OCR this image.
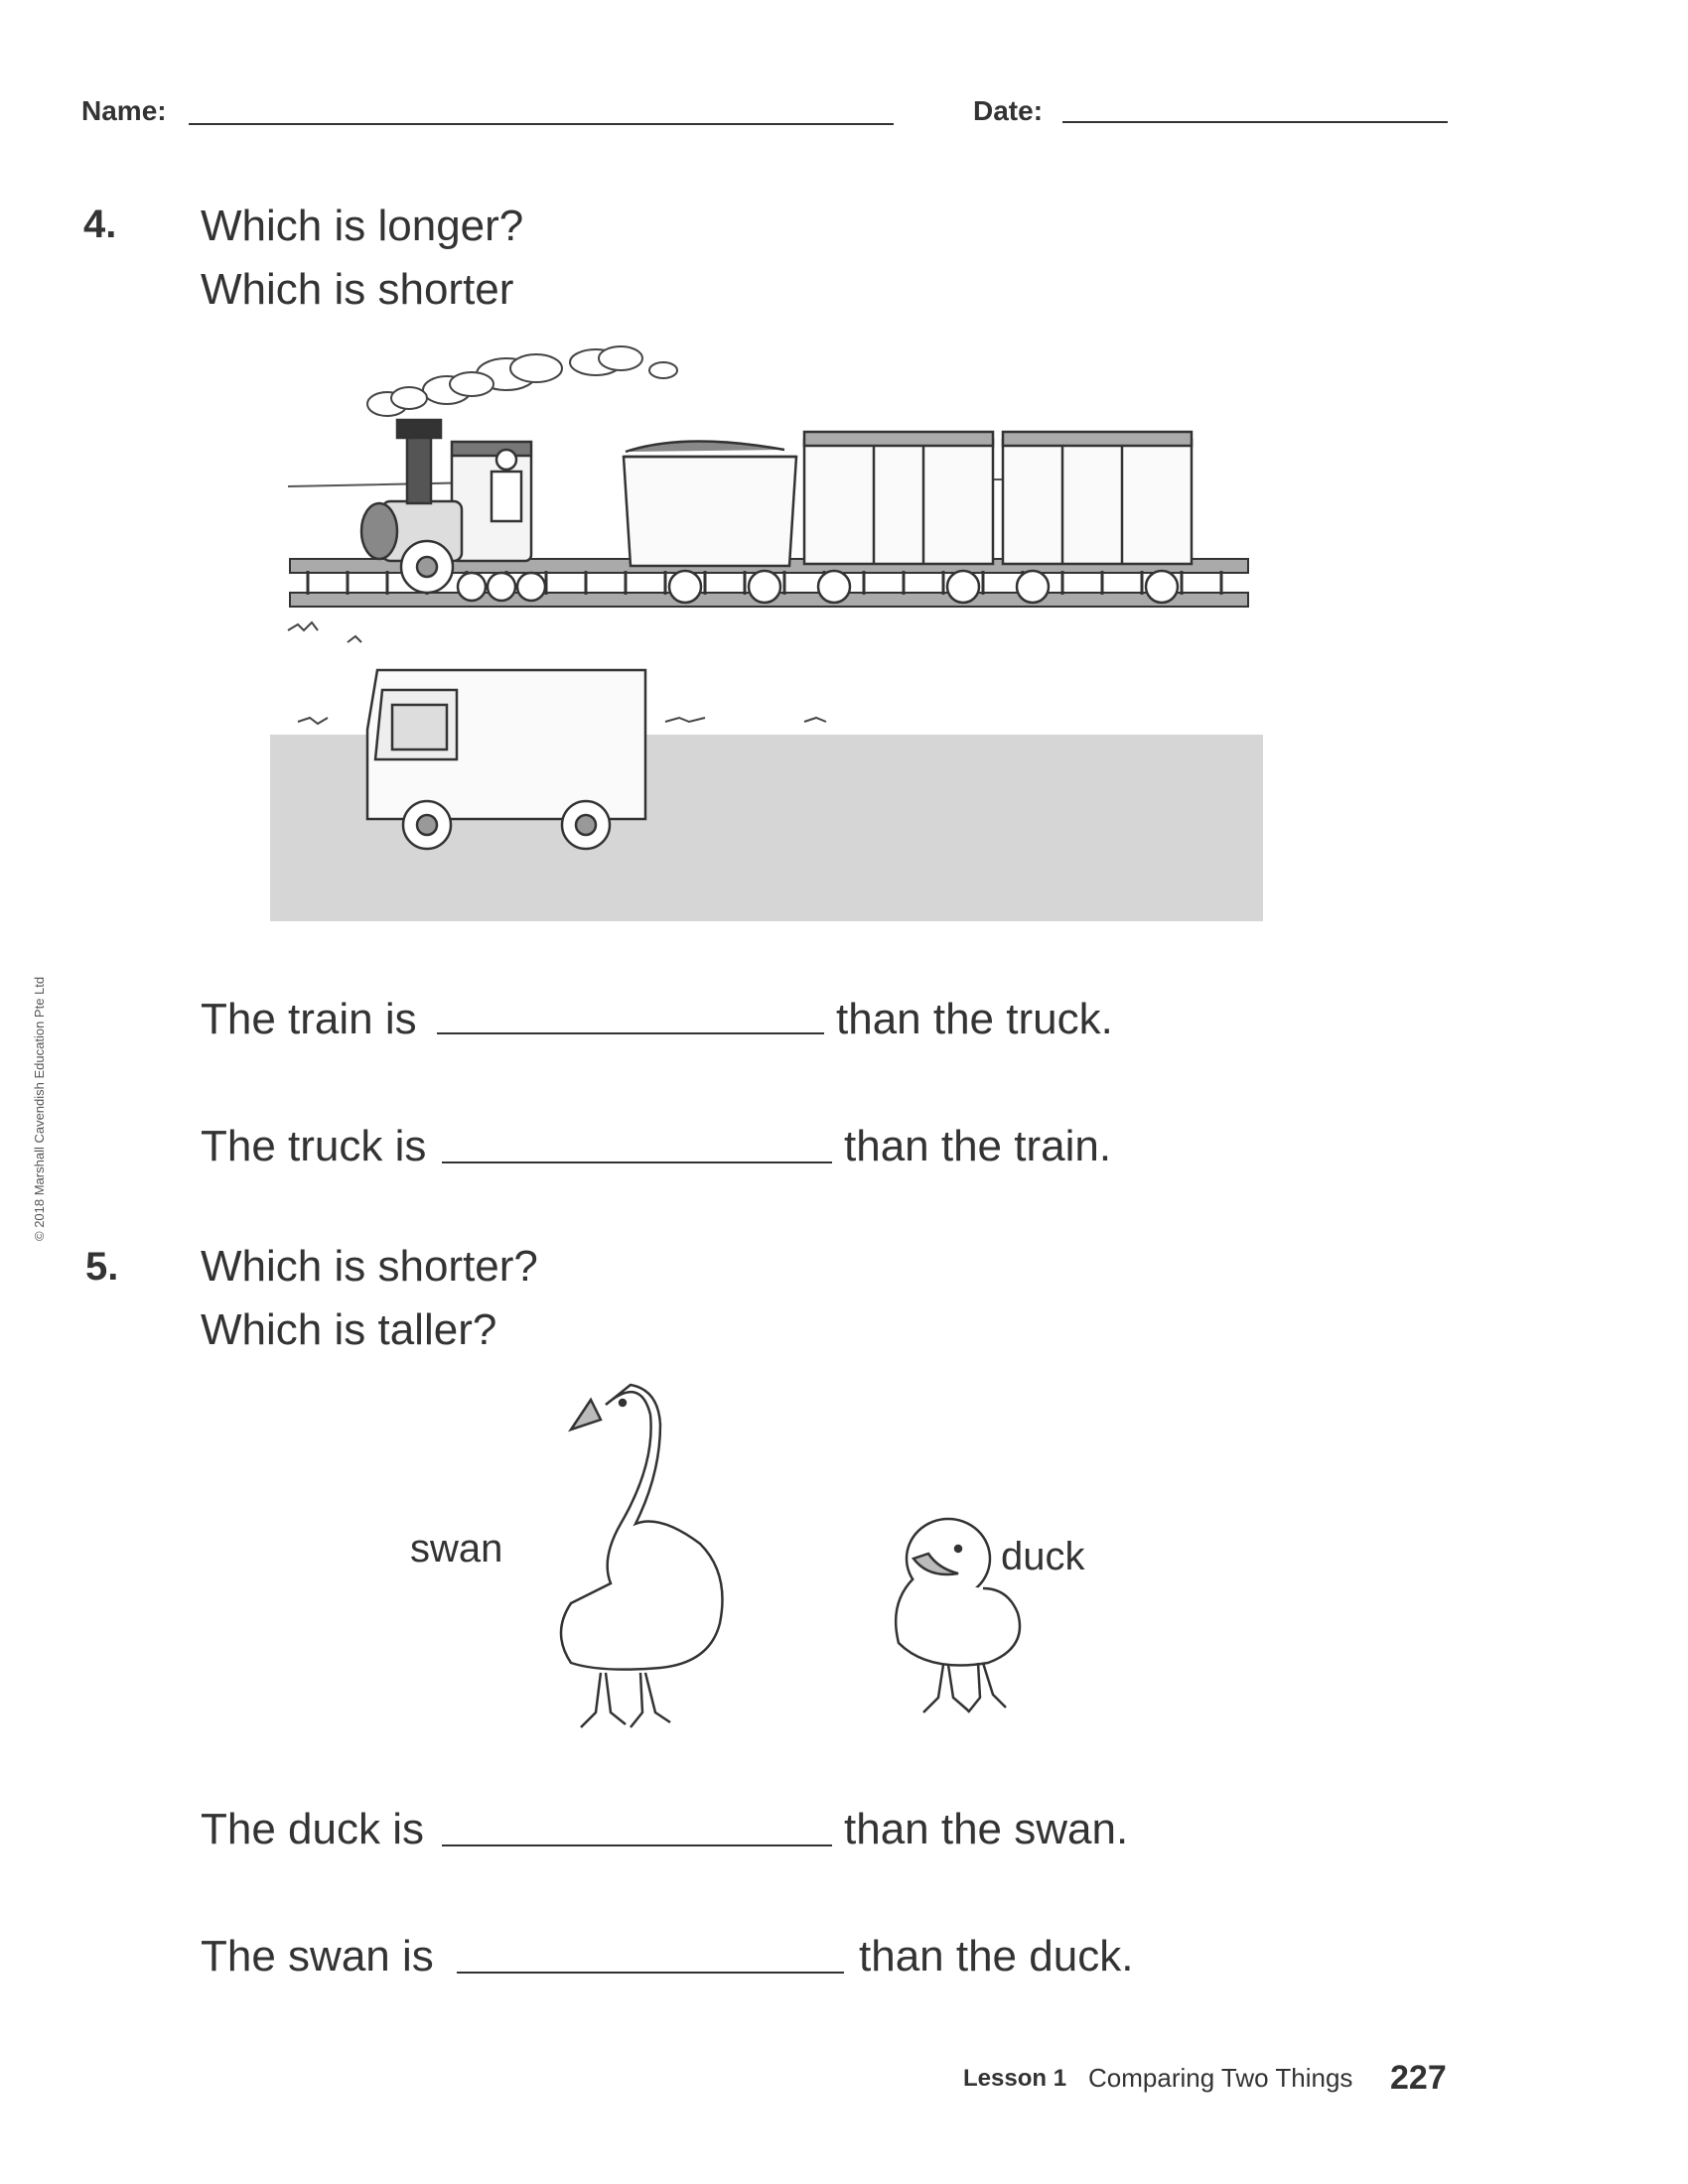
Name:	Date:
4. Which is longer?
Which is shorter
The train is	than the truck.
The truck is	than the train.
5. Which is shorter?
Which is taller?
swan	duck
The duck is	than the swan.
The swan is	than the duck.
© 2018 Marshall Cavendish Education Pte Ltd
Lesson 1 Comparing Two Things 227
